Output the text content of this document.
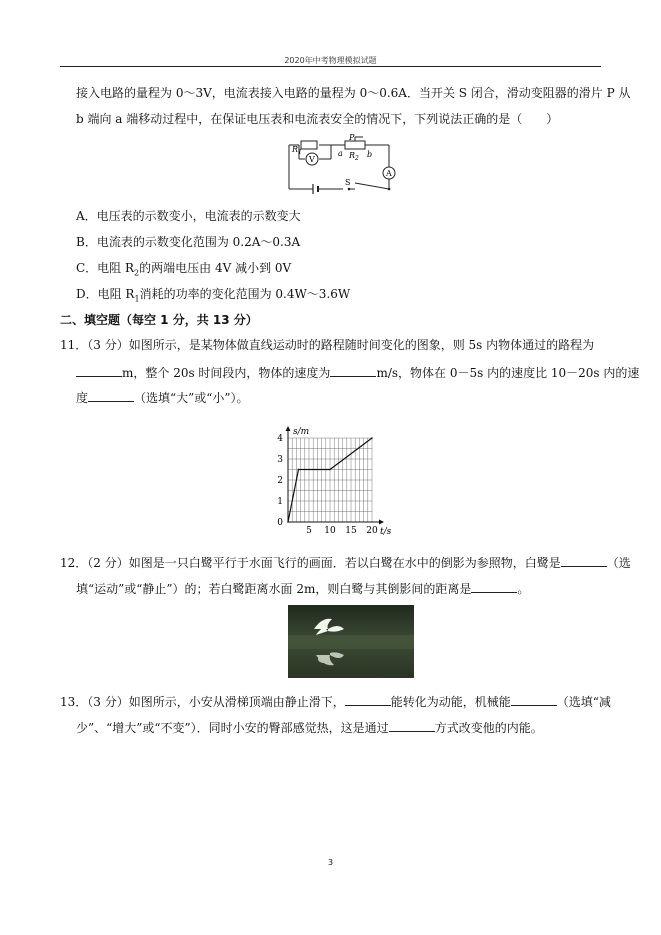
2020年中考物理模拟试题
接入电路的量程为 0～3V，电流表接入电路的量程为 0～0.6A．当开关 S 闭合，滑动变阻器的滑片 P 从
b 端向 a 端移动过程中，在保证电压表和电流表安全的情况下，下列说法正确的是（　　）
$R_1$
V
a
P
$R_2$ b
A
S
A．电压表的示数变小，电流表的示数变大
B．电流表的示数变化范围为 0.2A～0.3A
C．电阻 $R_2$的两端电压由 4V 减小到 0V
D．电阻 $R_1$消耗的功率的变化范围为 0.4W～3.6W
二、填空题（每空 1 分，共 13 分）
11．（3 分）如图所示，是某物体做直线运动时的路程随时间变化的图象，则 5s 内物体通过的路程为
m，整个 20s 时间段内，物体的速度为	m/s，物体在 0－5s 内的速度比 10－20s 内的速
度	（选填“大”或“小”）。
5 10 15 20
1
2
3
4
0
t/s
s/m
12．（2 分）如图是一只白鹭平行于水面飞行的画面．若以白鹭在水中的倒影为参照物，白鹭是	（选
填“运动”或“静止”）的；若白鹭距离水面 2m，则白鹭与其倒影间的距离是	。
13．（3 分）如图所示，小安从滑梯顶端由静止滑下，	能转化为动能，机械能	（选填“减
少”、“增大”或“不变”）．同时小安的臀部感觉热，这是通过	方式改变他的内能。
3
